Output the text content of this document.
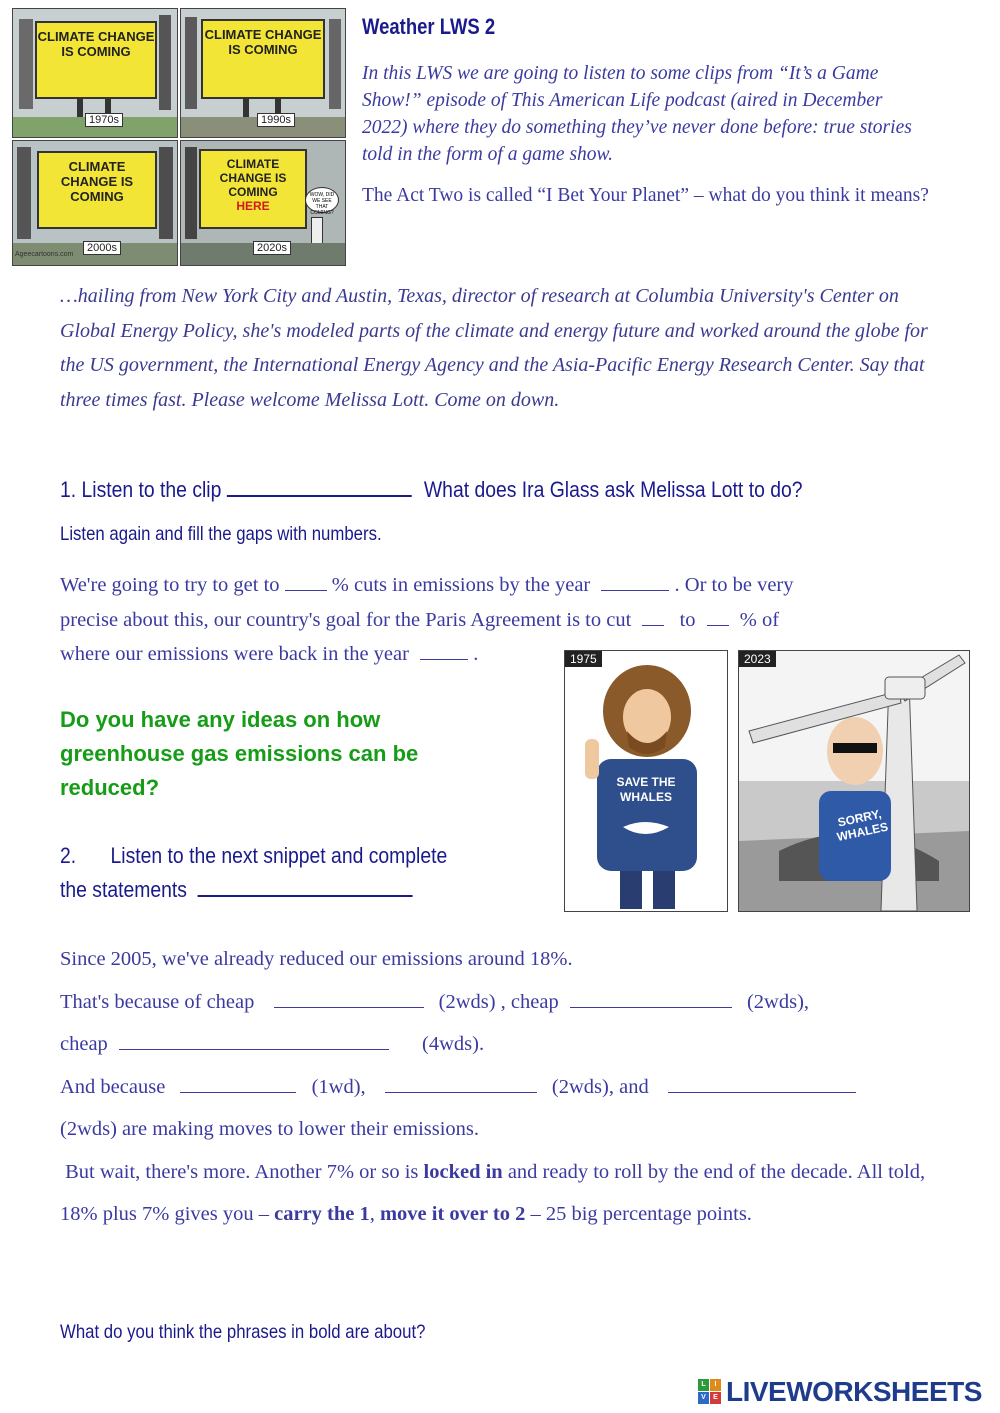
CLIMATE CHANGE IS COMING
1970s
CLIMATE CHANGE IS COMING
1990s
CLIMATE CHANGE IS COMING
2000s
Ageecartoons.com
CLIMATE CHANGE IS COMING
HERE
WOW, DID WE SEE THAT COMING?
2020s
Weather LWS 2
In this LWS we are going to listen to some clips from “It’s a Game Show!” episode of This American Life podcast (aired in December 2022) where they do something they’ve never done before: true stories told in the form of a game show.
The Act Two is called “I Bet Your Planet” – what do you think it means?
…hailing from New York City and Austin, Texas, director of research at Columbia University's Center on Global Energy Policy, she's modeled parts of the climate and energy future and worked around the globe for the US government, the International Energy Agency and the Asia-Pacific Energy Research Center. Say that three times fast. Please welcome Melissa Lott. Come on down.
1. Listen to the clip	What does Ira Glass ask Melissa Lott to do?
Listen again and fill the gaps with numbers.
We're going to try to get to	% cuts in emissions by the year	. Or to be very
precise about this, our country's goal for the Paris Agreement is to cut to % of
where our emissions were back in the year	.
Do you have any ideas on how greenhouse gas emissions can be reduced?
2. Listen to the next snippet and complete
the statements
1975
SAVE THE WHALES
2023
SORRY, WHALES
Since 2005, we've already reduced our emissions around 18%.
That's because of cheap	(2wds) , cheap	(2wds),
cheap	(4wds).
And because	(1wd),	(2wds), and
(2wds) are making moves to lower their emissions.
But wait, there's more. Another 7% or so is locked in and ready to roll by the end of the decade. All told, 18% plus 7% gives you – carry the 1, move it over to 2 – 25 big percentage points.
What do you think the phrases in bold are about?
L	I
V	E LIVEWORKSHEETS
